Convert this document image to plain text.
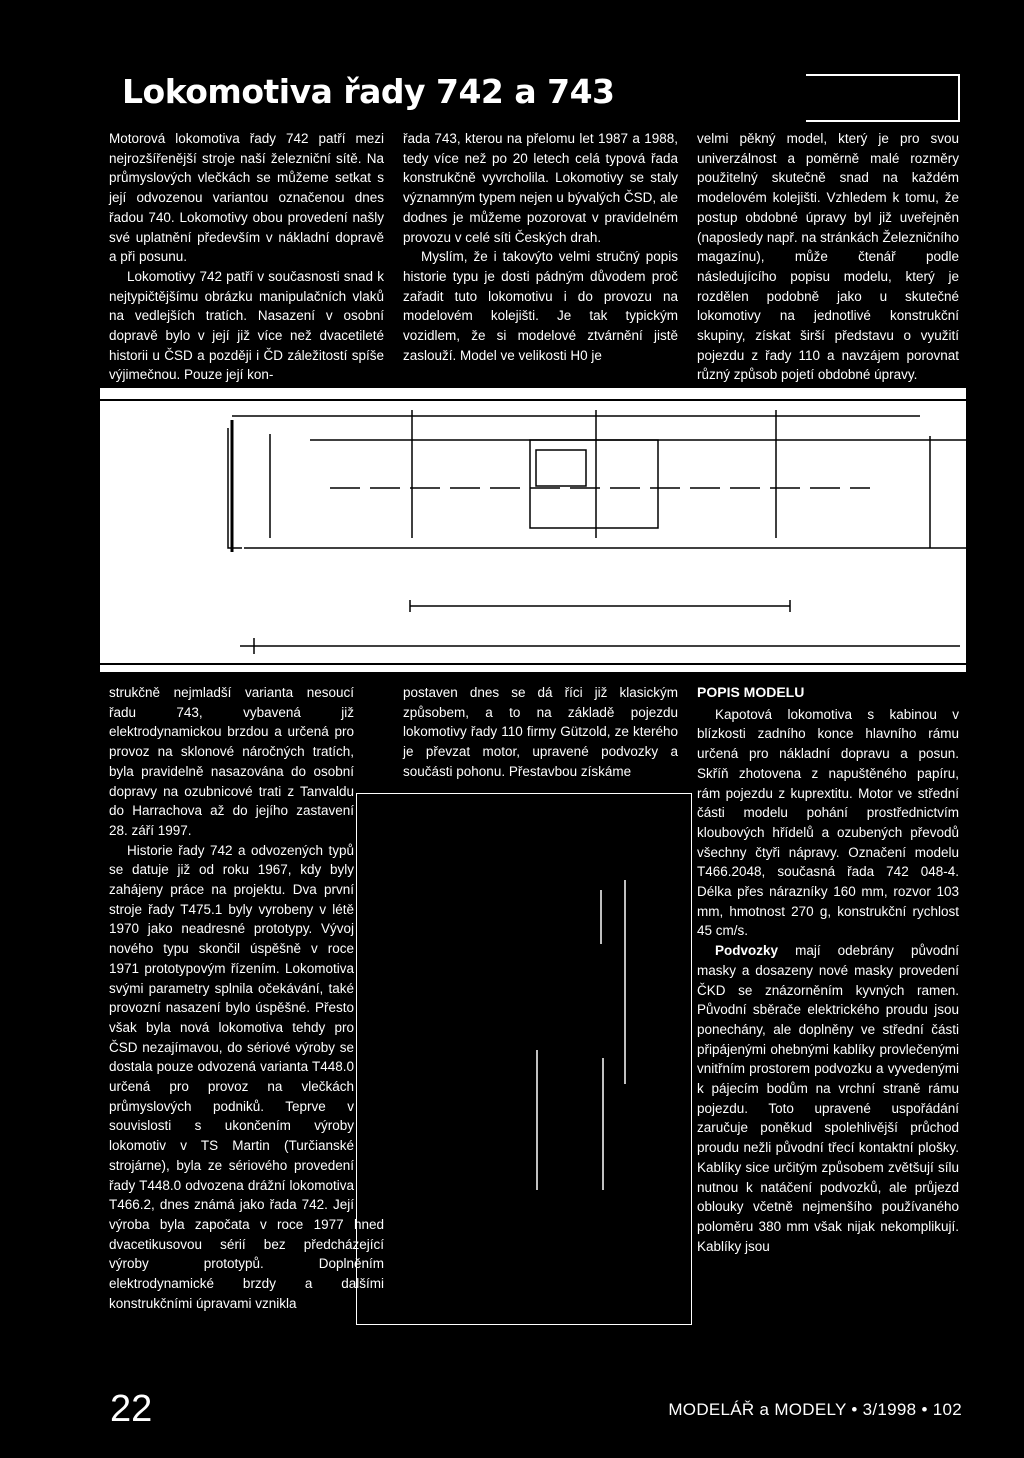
Lokomotiva řady 742 a 743

Motorová lokomotiva řady 742 patří mezi nejrozšířenější stroje naší železniční sítě. Na průmyslových vlečkách se můžeme setkat s její odvozenou variantou označenou dnes řadou 740. Lokomotivy obou provedení našly své uplatnění především v nákladní dopravě a při posunu.

Lokomotivy 742 patří v současnosti snad k nejtypičtějšímu obrázku manipulačních vlaků na vedlejších tratích. Nasazení v osobní dopravě bylo v její již více než dvacetileté historii u ČSD a později i ČD záležitostí spíše výjimečnou. Pouze její kon-

řada 743, kterou na přelomu let 1987 a 1988, tedy více než po 20 letech celá typová řada konstrukčně vyvrcholila. Lokomotivy se staly významným typem nejen u bývalých ČSD, ale dodnes je můžeme pozorovat v pravidelném provozu v celé síti Českých drah.

Myslím, že i takovýto velmi stručný popis historie typu je dosti pádným důvodem proč zařadit tuto lokomotivu i do provozu na modelovém kolejišti. Je tak typickým vozidlem, že si modelové ztvárnění jistě zaslouží. Model ve velikosti H0 je

velmi pěkný model, který je pro svou univerzálnost a poměrně malé rozměry použitelný skutečně snad na každém modelovém kolejišti. Vzhledem k tomu, že postup obdobné úpravy byl již uveřejněn (naposledy např. na stránkách Železničního magazínu), může čtenář podle následujícího popisu modelu, který je rozdělen podobně jako u skutečné lokomotivy na jednotlivé konstrukční skupiny, získat širší představu o využití pojezdu z řady 110 a navzájem porovnat různý způsob pojetí obdobné úpravy.

strukčně nejmladší varianta nesoucí řadu 743, vybavená již elektrodynamickou brzdou a určená pro provoz na sklonové náročných tratích, byla pravidelně nasazována do osobní dopravy na ozubnicové trati z Tanvaldu do Harrachova až do jejího zastavení 28. září 1997.

Historie řady 742 a odvozených typů se datuje již od roku 1967, kdy byly zahájeny práce na projektu. Dva první stroje řady T475.1 byly vyrobeny v létě 1970 jako neadresné prototypy. Vývoj nového typu skončil úspěšně v roce 1971 prototypovým řízením. Lokomotiva svými parametry splnila očekávání, také provozní nasazení bylo úspěšné. Přesto však byla nová lokomotiva tehdy pro ČSD nezajímavou, do sériové výroby se dostala pouze odvozená varianta T448.0 určená pro provoz na vlečkách průmyslových podniků. Teprve v souvislosti s ukončením výroby lokomotiv v TS Martin (Turčianské strojárne), byla ze sériového provedení řady T448.0 odvozena drážní lokomotiva T466.2, dnes známá jako řada 742. Její výroba byla započata v roce 1977 hned dvacetikusovou sérií bez předcházející výroby prototypů. Doplněním elektrodynamické brzdy a dalšími konstrukčními úpravami vznikla

postaven dnes se dá říci již klasickým způsobem, a to na základě pojezdu lokomotivy řady 110 firmy Gützold, ze kterého je převzat motor, upravené podvozky a součásti pohonu. Přestavbou získáme

POPIS MODELU

Kapotová lokomotiva s kabinou v blízkosti zadního konce hlavního rámu určená pro nákladní dopravu a posun. Skříň zhotovena z napuštěného papíru, rám pojezdu z kuprextitu. Motor ve střední části modelu pohání prostřednictvím kloubových hřídelů a ozubených převodů všechny čtyři nápravy. Označení modelu T466.2048, současná řada 742 048-4. Délka přes nárazníky 160 mm, rozvor 103 mm, hmotnost 270 g, konstrukční rychlost 45 cm/s.

Podvozky mají odebrány původní masky a dosazeny nové masky provedení ČKD se znázorněním kyvných ramen. Původní sběrače elektrického proudu jsou ponechány, ale doplněny ve střední části připájenými ohebnými kablíky provlečenými vnitřním prostorem podvozku a vyvedenými k pájecím bodům na vrchní straně rámu pojezdu. Toto upravené uspořádání zaručuje poněkud spolehlivější průchod proudu nežli původní třecí kontaktní plošky. Kablíky sice určitým způsobem zvětšují sílu nutnou k natáčení podvozků, ale průjezd oblouky včetně nejmenšího používaného poloměru 380 mm však nijak nekomplikují. Kablíky jsou

22	MODELÁŘ a MODELY • 3/1998 • 102
